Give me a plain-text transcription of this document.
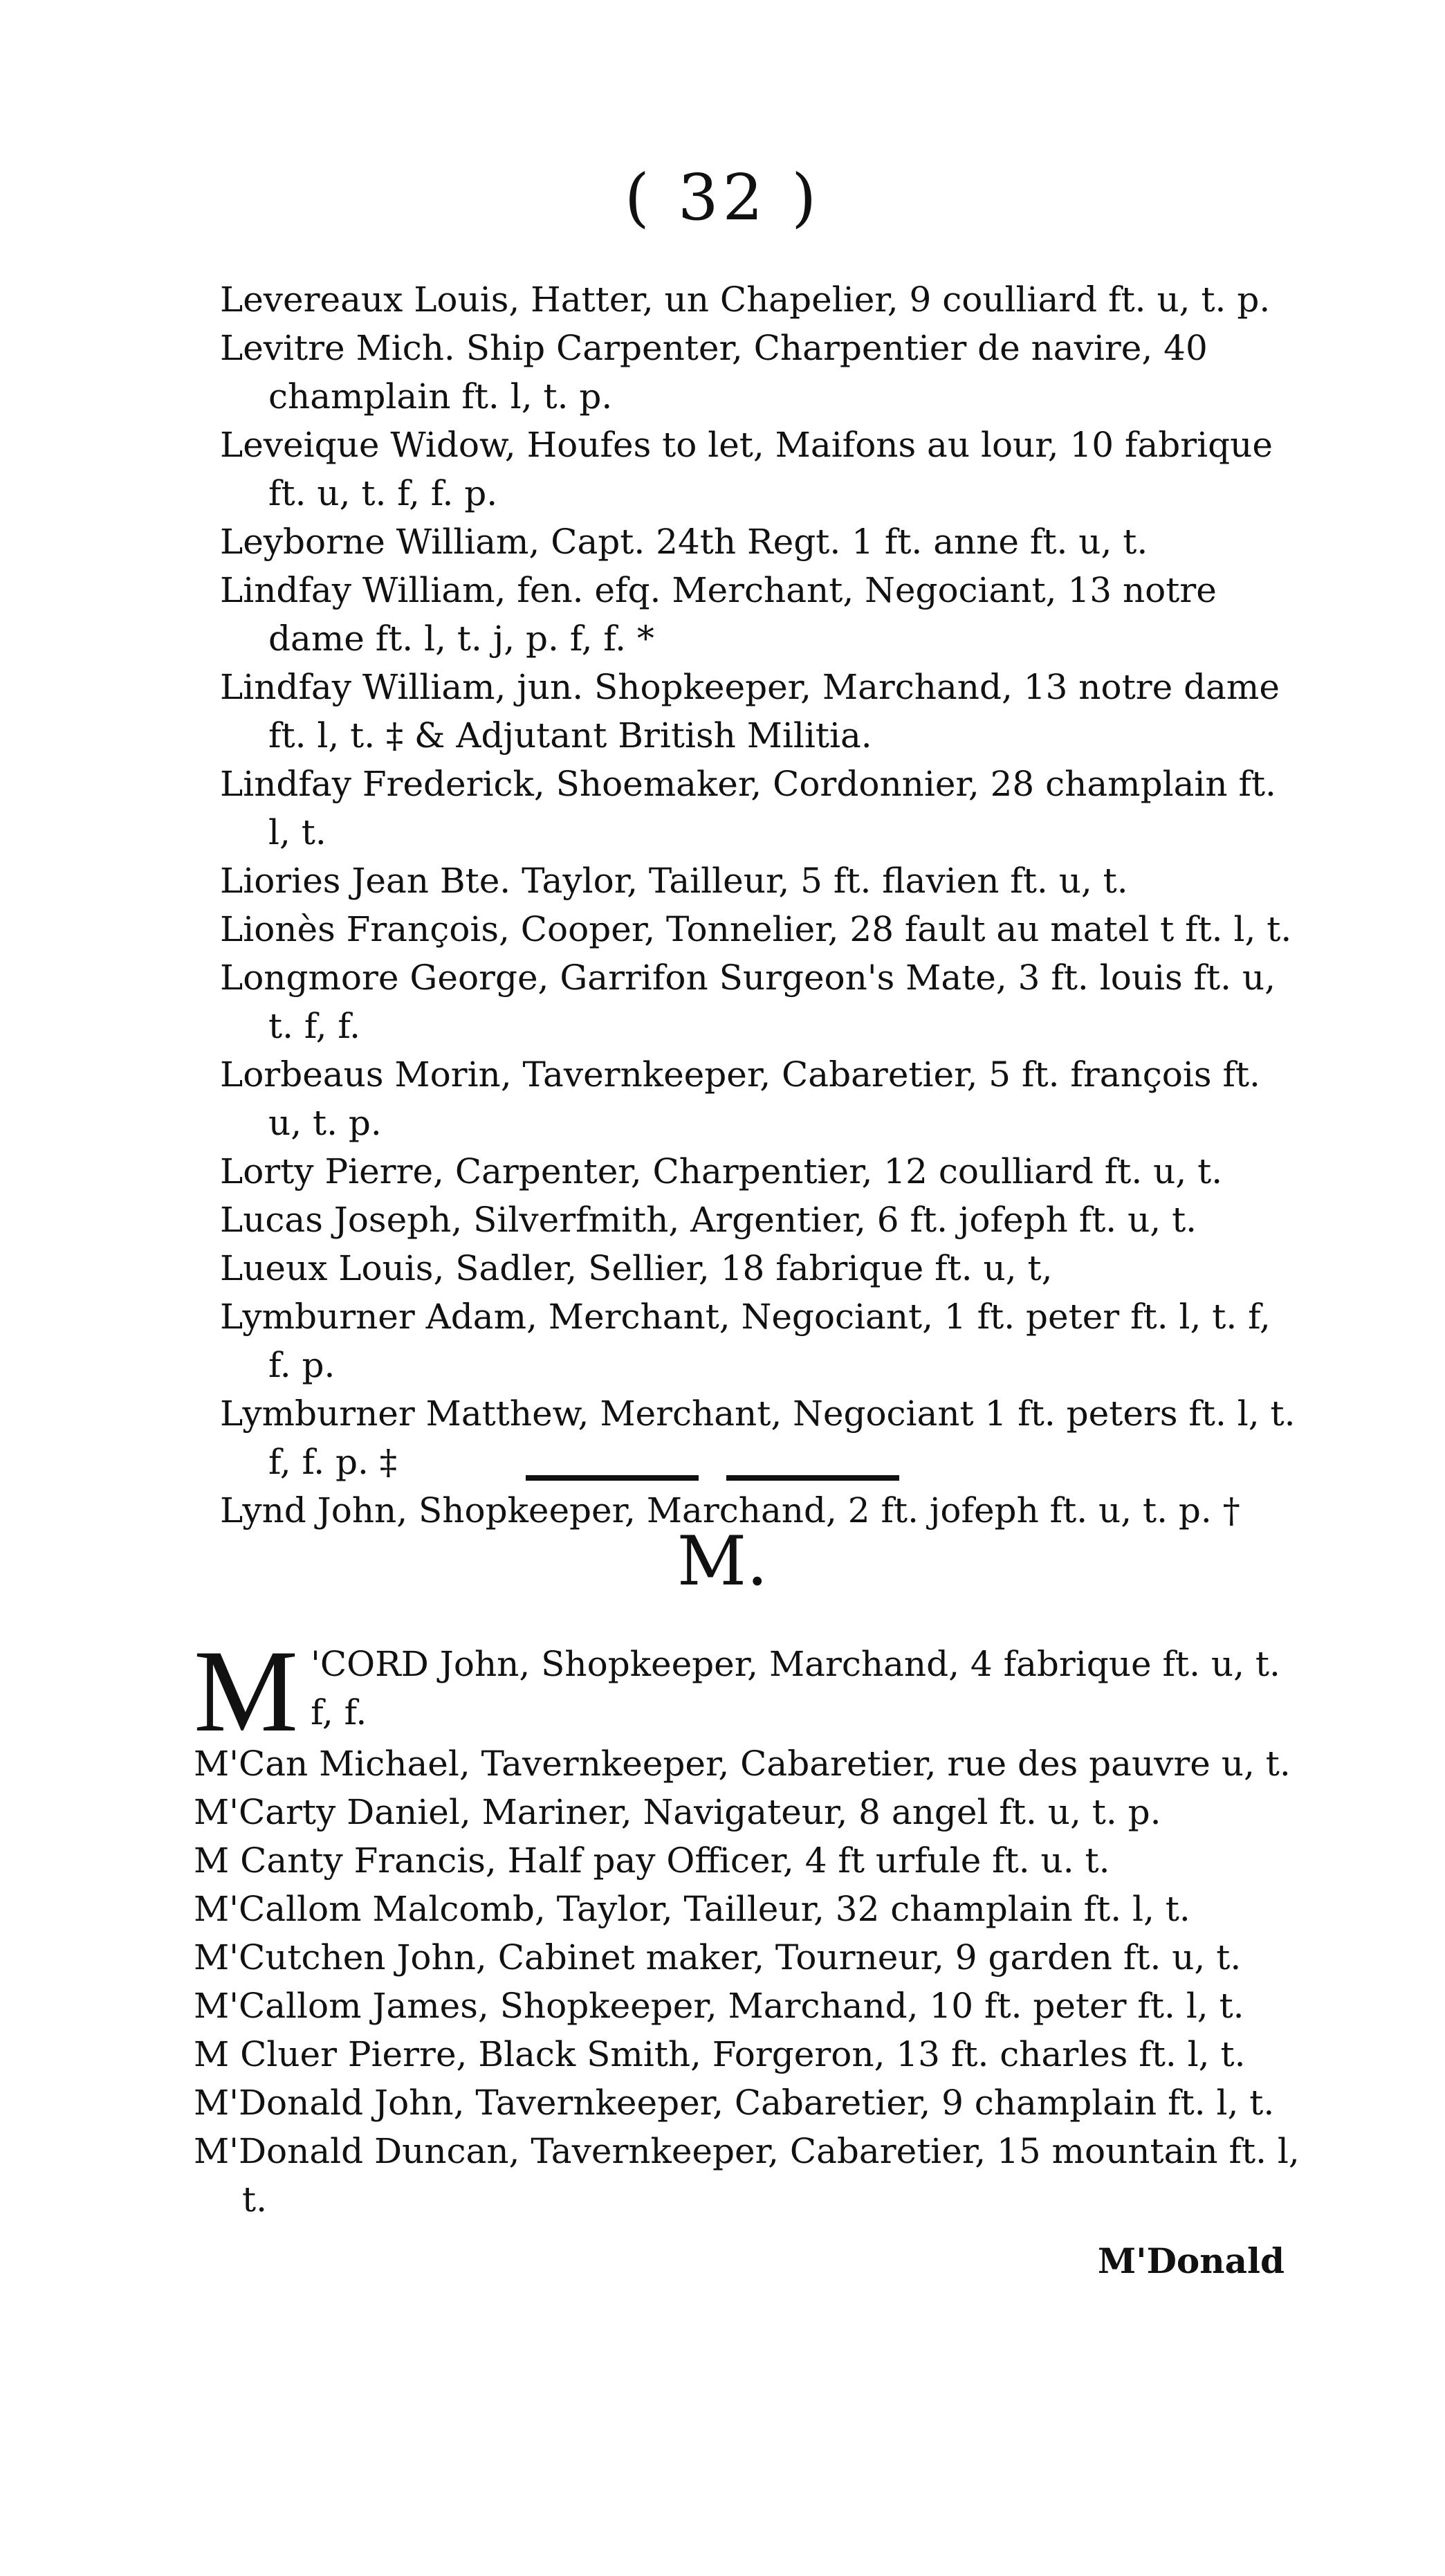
( 32 )
Levereaux Louis, Hatter, un Chapelier, 9 coulliard ft. u, t. p.
Levitre Mich. Ship Carpenter, Charpentier de navire, 40 champlain ft. l, t. p.
Leveique Widow, Houfes to let, Maifons au lour, 10 fabrique ft. u, t. f, f. p.
Leyborne William, Capt. 24th Regt. 1 ft. anne ft. u, t.
Lindfay William, fen. efq. Merchant, Negociant, 13 notre dame ft. l, t. j, p. f, f. *
Lindfay William, jun. Shopkeeper, Marchand, 13 notre dame ft. l, t. ‡ & Adjutant British Militia.
Lindfay Frederick, Shoemaker, Cordonnier, 28 champlain ft. l, t.
Liories Jean Bte. Taylor, Tailleur, 5 ft. flavien ft. u, t.
Lionès François, Cooper, Tonnelier, 28 fault au matel t ft. l, t.
Longmore George, Garrifon Surgeon's Mate, 3 ft. louis ft. u, t. f, f.
Lorbeaus Morin, Tavernkeeper, Cabaretier, 5 ft. françois ft. u, t. p.
Lorty Pierre, Carpenter, Charpentier, 12 coulliard ft. u, t.
Lucas Joseph, Silverfmith, Argentier, 6 ft. jofeph ft. u, t.
Lueux Louis, Sadler, Sellier, 18 fabrique ft. u, t,
Lymburner Adam, Merchant, Negociant, 1 ft. peter ft. l, t. f, f. p.
Lymburner Matthew, Merchant, Negociant 1 ft. peters ft. l, t. f, f. p. ‡
Lynd John, Shopkeeper, Marchand, 2 ft. jofeph ft. u, t. p. †
M.
M 'CORD John, Shopkeeper, Marchand, 4 fabrique ft. u, t. f, f.
M'Can Michael, Tavernkeeper, Cabaretier, rue des pauvre u, t.
M'Carty Daniel, Mariner, Navigateur, 8 angel ft. u, t. p.
M Canty Francis, Half pay Officer, 4 ft urfule ft. u. t.
M'Callom Malcomb, Taylor, Tailleur, 32 champlain ft. l, t.
M'Cutchen John, Cabinet maker, Tourneur, 9 garden ft. u, t.
M'Callom James, Shopkeeper, Marchand, 10 ft. peter ft. l, t.
M Cluer Pierre, Black Smith, Forgeron, 13 ft. charles ft. l, t.
M'Donald John, Tavernkeeper, Cabaretier, 9 champlain ft. l, t.
M'Donald Duncan, Tavernkeeper, Cabaretier, 15 mountain ft. l, t.
M'Donald
